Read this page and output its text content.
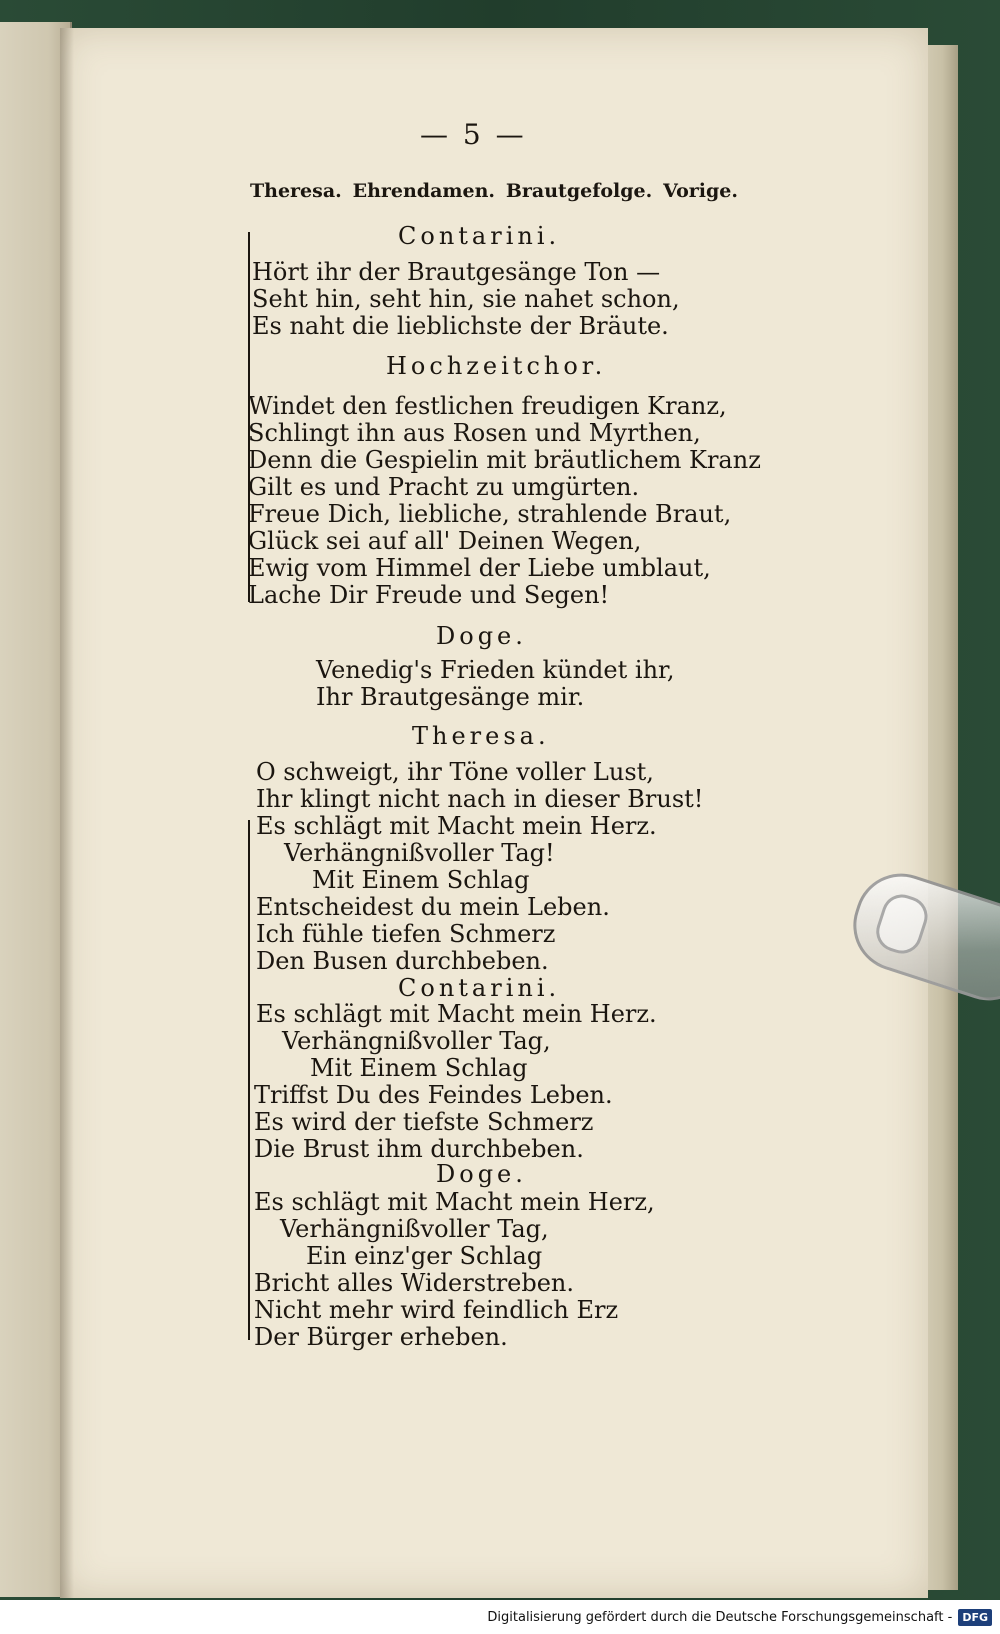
— 5 —
Theresa. Ehrendamen. Brautgefolge. Vorige.
Contarini.
Hört ihr der Brautgesänge Ton —
Seht hin, seht hin, sie nahet schon,
Es naht die lieblichste der Bräute.
Hochzeitchor.
Windet den festlichen freudigen Kranz,
Schlingt ihn aus Rosen und Myrthen,
Denn die Gespielin mit bräutlichem Kranz
Gilt es und Pracht zu umgürten.
Freue Dich, liebliche, strahlende Braut,
Glück sei auf all' Deinen Wegen,
Ewig vom Himmel der Liebe umblaut,
Lache Dir Freude und Segen!
Doge.
Venedig's Frieden kündet ihr,
Ihr Brautgesänge mir.
Theresa.
O schweigt, ihr Töne voller Lust,
Ihr klingt nicht nach in dieser Brust!
Es schlägt mit Macht mein Herz.
Verhängnißvoller Tag!
Mit Einem Schlag
Entscheidest du mein Leben.
Ich fühle tiefen Schmerz
Den Busen durchbeben.
Contarini.
Es schlägt mit Macht mein Herz.
Verhängnißvoller Tag,
Mit Einem Schlag
Triffst Du des Feindes Leben.
Es wird der tiefste Schmerz
Die Brust ihm durchbeben.
Doge.
Es schlägt mit Macht mein Herz,
Verhängnißvoller Tag,
Ein einz'ger Schlag
Bricht alles Widerstreben.
Nicht mehr wird feindlich Erz
Der Bürger erheben.
Digitalisierung gefördert durch die Deutsche Forschungsgemeinschaft - DFG
